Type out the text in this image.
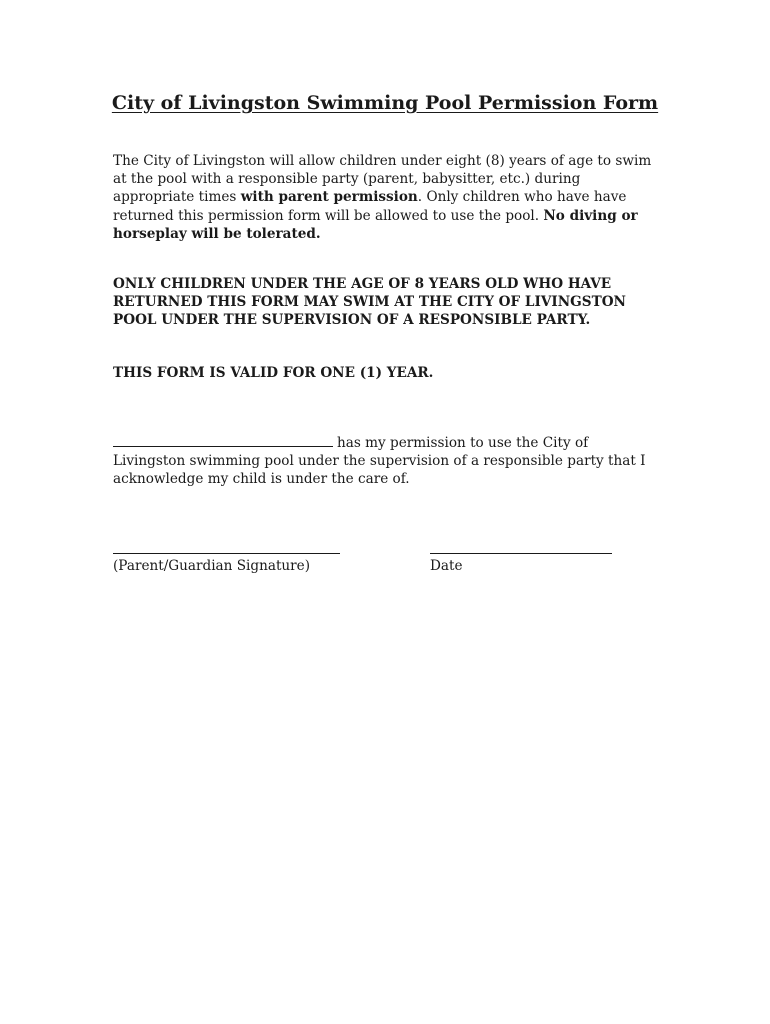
City of Livingston Swimming Pool Permission Form

The City of Livingston will allow children under eight (8) years of age to swim at the pool with a responsible party (parent, babysitter, etc.) during appropriate times with parent permission. Only children who have have returned this permission form will be allowed to use the pool. No diving or horseplay will be tolerated.

ONLY CHILDREN UNDER THE AGE OF 8 YEARS OLD WHO HAVE RETURNED THIS FORM MAY SWIM AT THE CITY OF LIVINGSTON POOL UNDER THE SUPERVISION OF A RESPONSIBLE PARTY.

THIS FORM IS VALID FOR ONE (1) YEAR.

has my permission to use the City of Livingston swimming pool under the supervision of a responsible party that I acknowledge my child is under the care of.

(Parent/Guardian Signature)	Date
